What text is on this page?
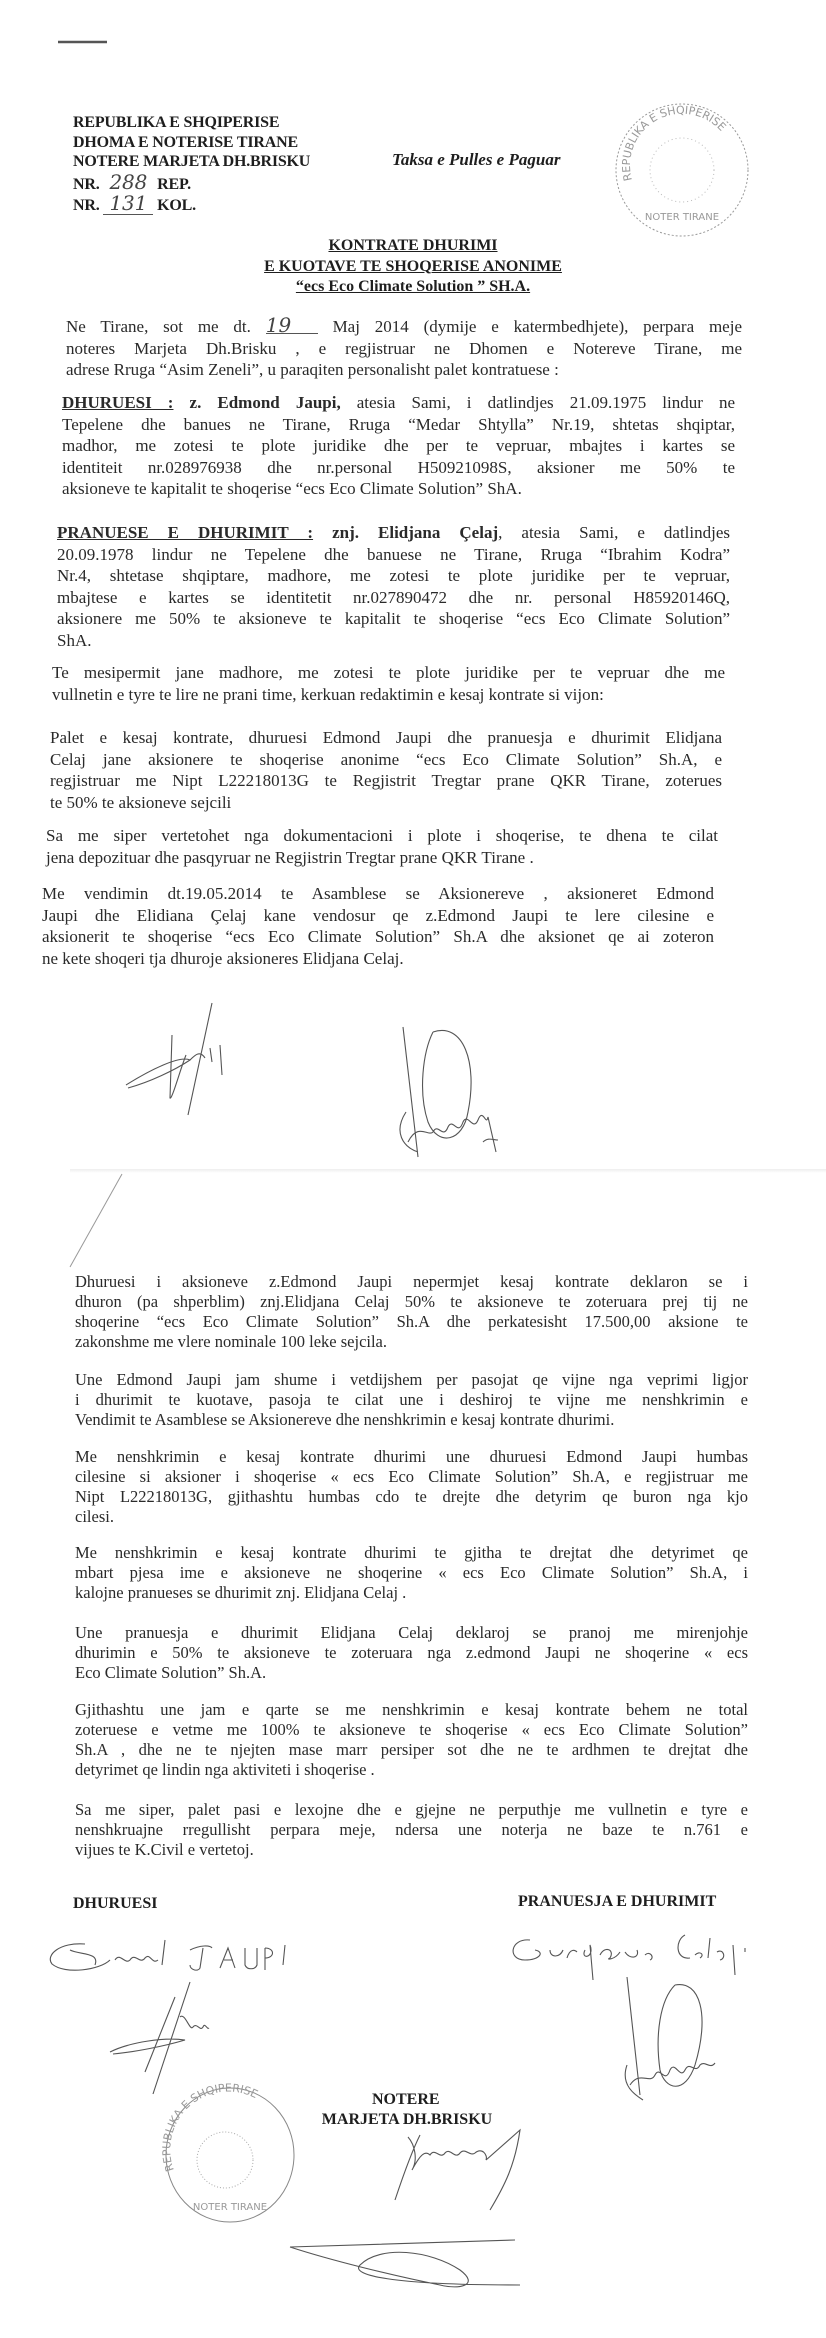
REPUBLIKA E SHQIPERISE
DHOMA E NOTERISE TIRANE
NOTERE MARJETA DH.BRISKU
NR. 288 REP.
NR. 131 KOL.
REPUBLIKA E SHQIPERISE
NOTER TIRANE
Taksa e Pulles e Paguar
KONTRATE DHURIMI
E KUOTAVE TE SHOQERISE ANONIME
“ecs Eco Climate Solution ” SH.A.
Ne Tirane, sot me dt. 19 Maj 2014 (dymije e katermbedhjete), perpara meje
noteres Marjeta Dh.Brisku , e regjistruar ne Dhomen e Notereve Tirane, me
adrese Rruga “Asim Zeneli”, u paraqiten personalisht palet kontratuese :
DHURUESI : z. Edmond Jaupi, atesia Sami, i datlindjes 21.09.1975 lindur ne
Tepelene dhe banues ne Tirane, Rruga “Medar Shtylla” Nr.19, shtetas shqiptar,
madhor, me zotesi te plote juridike dhe per te vepruar, mbajtes i kartes se
identiteit nr.028976938 dhe nr.personal H50921098S, aksioner me 50% te
aksioneve te kapitalit te shoqerise “ecs Eco Climate Solution” ShA.
PRANUESE E DHURIMIT : znj. Elidjana Çelaj, atesia Sami, e datlindjes
20.09.1978 lindur ne Tepelene dhe banuese ne Tirane, Rruga “Ibrahim Kodra”
Nr.4, shtetase shqiptare, madhore, me zotesi te plote juridike per te vepruar,
mbajtese e kartes se identitetit nr.027890472 dhe nr. personal H85920146Q,
aksionere me 50% te aksioneve te kapitalit te shoqerise “ecs Eco Climate Solution”
ShA.
Te mesipermit jane madhore, me zotesi te plote juridike per te vepruar dhe me
vullnetin e tyre te lire ne prani time, kerkuan redaktimin e kesaj kontrate si vijon:
Palet e kesaj kontrate, dhuruesi Edmond Jaupi dhe pranuesja e dhurimit Elidjana
Celaj jane aksionere te shoqerise anonime “ecs Eco Climate Solution” Sh.A, e
regjistruar me Nipt L22218013G te Regjistrit Tregtar prane QKR Tirane, zoterues
te 50% te aksioneve sejcili
Sa me siper vertetohet nga dokumentacioni i plote i shoqerise, te dhena te cilat
jena depozituar dhe pasqyruar ne Regjistrin Tregtar prane QKR Tirane .
Me vendimin dt.19.05.2014 te Asamblese se Aksionereve , aksioneret Edmond
Jaupi dhe Elidiana Çelaj kane vendosur qe z.Edmond Jaupi te lere cilesine e
aksionerit te shoqerise “ecs Eco Climate Solution” Sh.A dhe aksionet qe ai zoteron
ne kete shoqeri tja dhuroje aksioneres Elidjana Celaj.
Dhuruesi i aksioneve z.Edmond Jaupi nepermjet kesaj kontrate deklaron se i
dhuron (pa shperblim) znj.Elidjana Celaj 50% te aksioneve te zoteruara prej tij ne
shoqerine “ecs Eco Climate Solution” Sh.A dhe perkatesisht 17.500,00 aksione te
zakonshme me vlere nominale 100 leke sejcila.
Une Edmond Jaupi jam shume i vetdijshem per pasojat qe vijne nga veprimi ligjor
i dhurimit te kuotave, pasoja te cilat une i deshiroj te vijne me nenshkrimin e
Vendimit te Asamblese se Aksionereve dhe nenshkrimin e kesaj kontrate dhurimi.
Me nenshkrimin e kesaj kontrate dhurimi une dhuruesi Edmond Jaupi humbas
cilesine si aksioner i shoqerise « ecs Eco Climate Solution” Sh.A, e regjistruar me
Nipt L22218013G, gjithashtu humbas cdo te drejte dhe detyrim qe buron nga kjo
cilesi.
Me nenshkrimin e kesaj kontrate dhurimi te gjitha te drejtat dhe detyrimet qe
mbart pjesa ime e aksioneve ne shoqerine « ecs Eco Climate Solution” Sh.A, i
kalojne pranueses se dhurimit znj. Elidjana Celaj .
Une pranuesja e dhurimit Elidjana Celaj deklaroj se pranoj me mirenjohje
dhurimin e 50% te aksioneve te zoteruara nga z.edmond Jaupi ne shoqerine « ecs
Eco Climate Solution” Sh.A.
Gjithashtu une jam e qarte se me nenshkrimin e kesaj kontrate behem ne total
zoteruese e vetme me 100% te aksioneve te shoqerise « ecs Eco Climate Solution”
Sh.A , dhe ne te njejten mase marr persiper sot dhe ne te ardhmen te drejtat dhe
detyrimet qe lindin nga aktiviteti i shoqerise .
Sa me siper, palet pasi e lexojne dhe e gjejne ne perputhje me vullnetin e tyre e
nenshkruajne rregullisht perpara meje, ndersa une noterja ne baze te n.761 e
vijues te K.Civil e vertetoj.
DHURUESI	PRANUESJA E DHURIMIT
REPUBLIKA E SHQIPERISE
NOTER TIRANE
NOTERE
MARJETA DH.BRISKU
